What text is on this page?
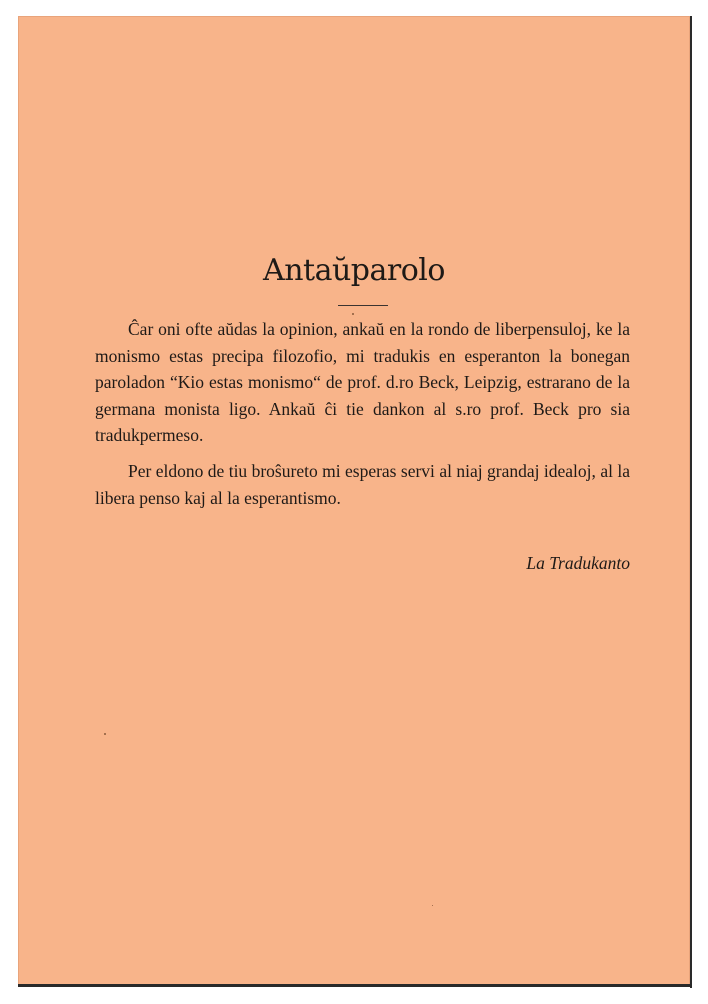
Antaŭparolo

Ĉar oni ofte aŭdas la opinion, ankaŭ en la rondo de liberpensuloj, ke la monismo estas precipa filozofio, mi tradukis en esperanton la bonegan paroladon “Kio estas monismo“ de prof. d.ro Beck, Leipzig, estrarano de la germana monista ligo. Ankaŭ ĉi tie dankon al s.ro prof. Beck pro sia tradukpermeso.

Per eldono de tiu broŝureto mi esperas servi al niaj grandaj idealoj, al la libera penso kaj al la esperantismo.

La Tradukanto
